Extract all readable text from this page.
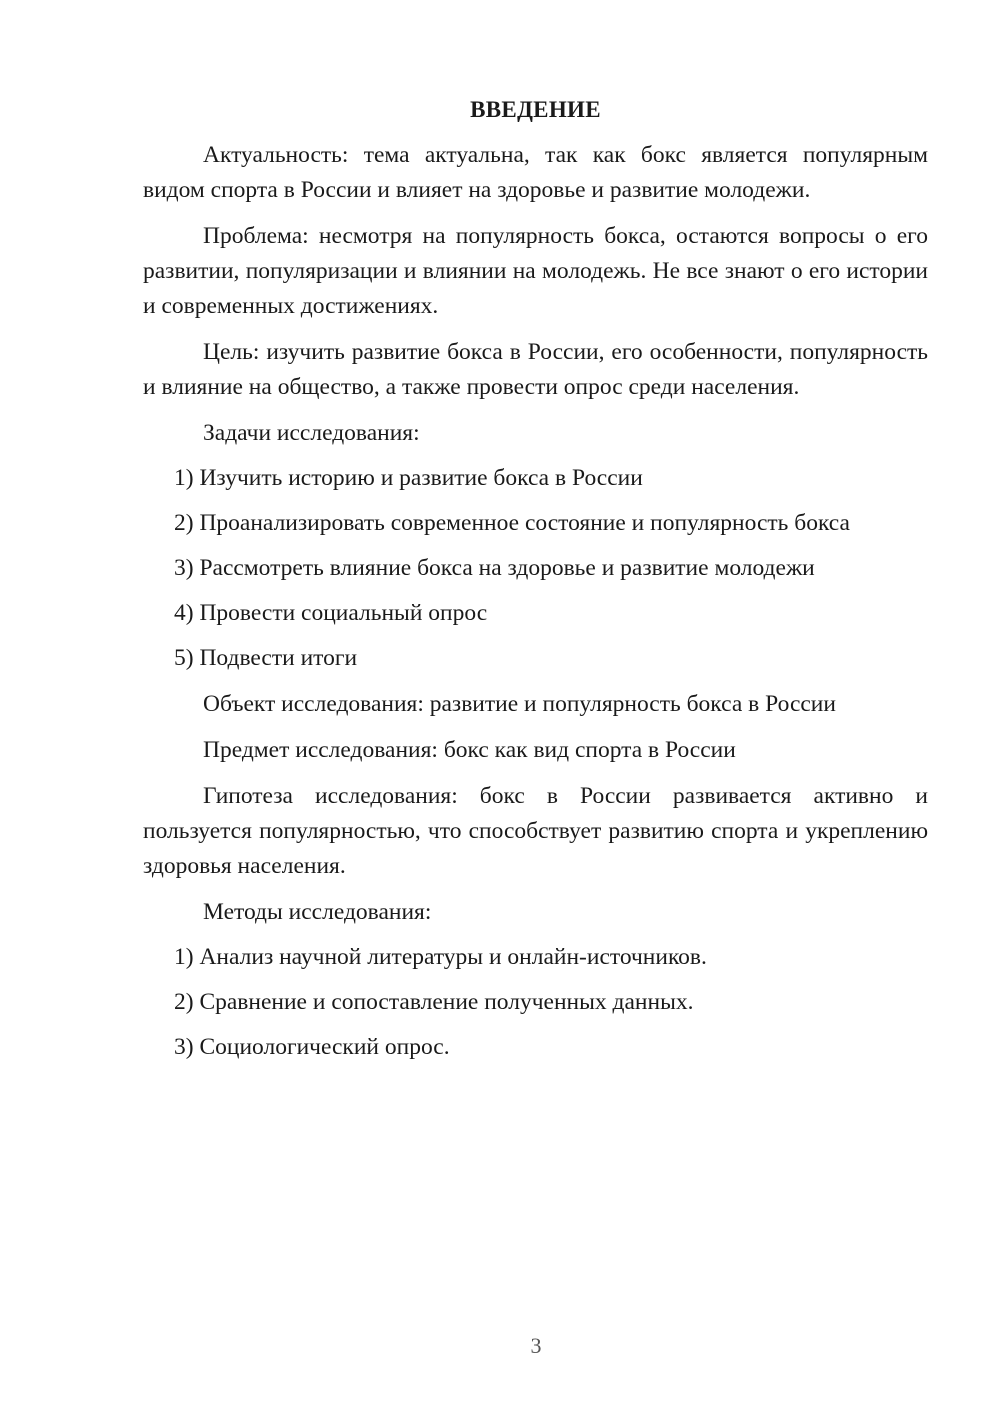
ВВЕДЕНИЕ

Актуальность: тема актуальна, так как бокс является популярным видом спорта в России и влияет на здоровье и развитие молодежи.

Проблема: несмотря на популярность бокса, остаются вопросы о его развитии, популяризации и влиянии на молодежь. Не все знают о его истории и современных достижениях.

Цель: изучить развитие бокса в России, его особенности, популярность и влияние на общество, а также провести опрос среди населения.

Задачи исследования:

1) Изучить историю и развитие бокса в России

2) Проанализировать современное состояние и популярность бокса

3) Рассмотреть влияние бокса на здоровье и развитие молодежи

4) Провести социальный опрос

5) Подвести итоги

Объект исследования: развитие и популярность бокса в России

Предмет исследования: бокс как вид спорта в России

Гипотеза исследования: бокс в России развивается активно и пользуется популярностью, что способствует развитию спорта и укреплению здоровья населения.

Методы исследования:

1) Анализ научной литературы и онлайн-источников.

2) Сравнение и сопоставление полученных данных.

3) Социологический опрос.

3
